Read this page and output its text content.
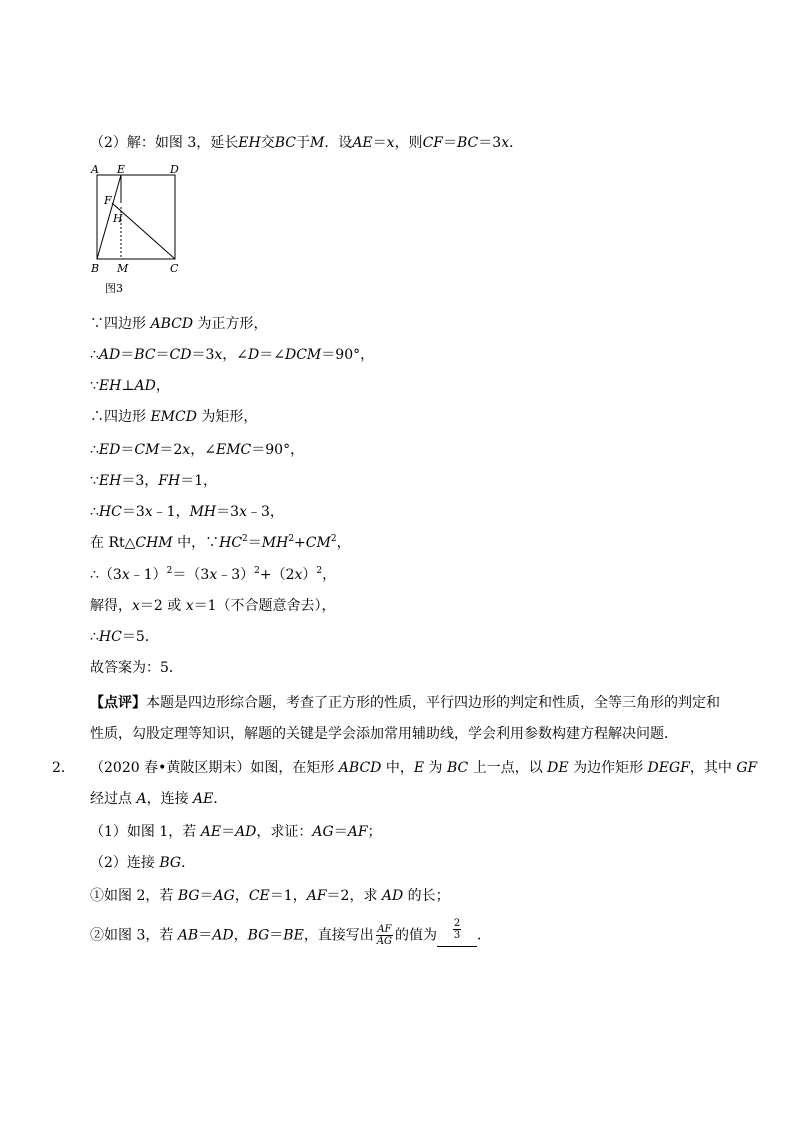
（2）解：如图 3，延长EH交BC于M．设AE＝x，则CF＝BC＝3x．
A E	D
F
H
B M	C
图3
∵四边形 ABCD 为正方形，
∴AD＝BC＝CD＝3x，∠D＝∠DCM＝90°，
∵EH⊥AD，
∴四边形 EMCD 为矩形，
∴ED＝CM＝2x，∠EMC＝90°，
∵EH＝3，FH＝1，
∴HC＝3x﹣1，MH＝3x﹣3，
在 Rt△CHM 中，$\because HC^2=MH^2+CM^2$，
$\therefore(3x﹣1)^2=(3x﹣3)^2+(2x)^2$，
解得，x＝2 或 x＝1（不合题意舍去），
∴HC＝5．
故答案为：5．
【点评】本题是四边形综合题，考查了正方形的性质，平行四边形的判定和性质，全等三角形的判定和
性质，勾股定理等知识，解题的关键是学会添加常用辅助线，学会利用参数构建方程解决问题．
2． （2020 春•黄陂区期末）如图，在矩形 ABCD 中，E 为 BC 上一点，以 DE 为边作矩形 DEGF，其中 GF
经过点 A，连接 AE．
（1）如图 1，若 AE＝AD，求证：AG＝AF；
（2）连接 BG．
①如图 2，若 BG＝AG，CE＝1，AF＝2，求 AD 的长；
②如图 3，若 AB＝AD，BG＝BE，直接写出 $\frac{AF}{AG}$ 的值为 $\frac{2}{3}$ ．
